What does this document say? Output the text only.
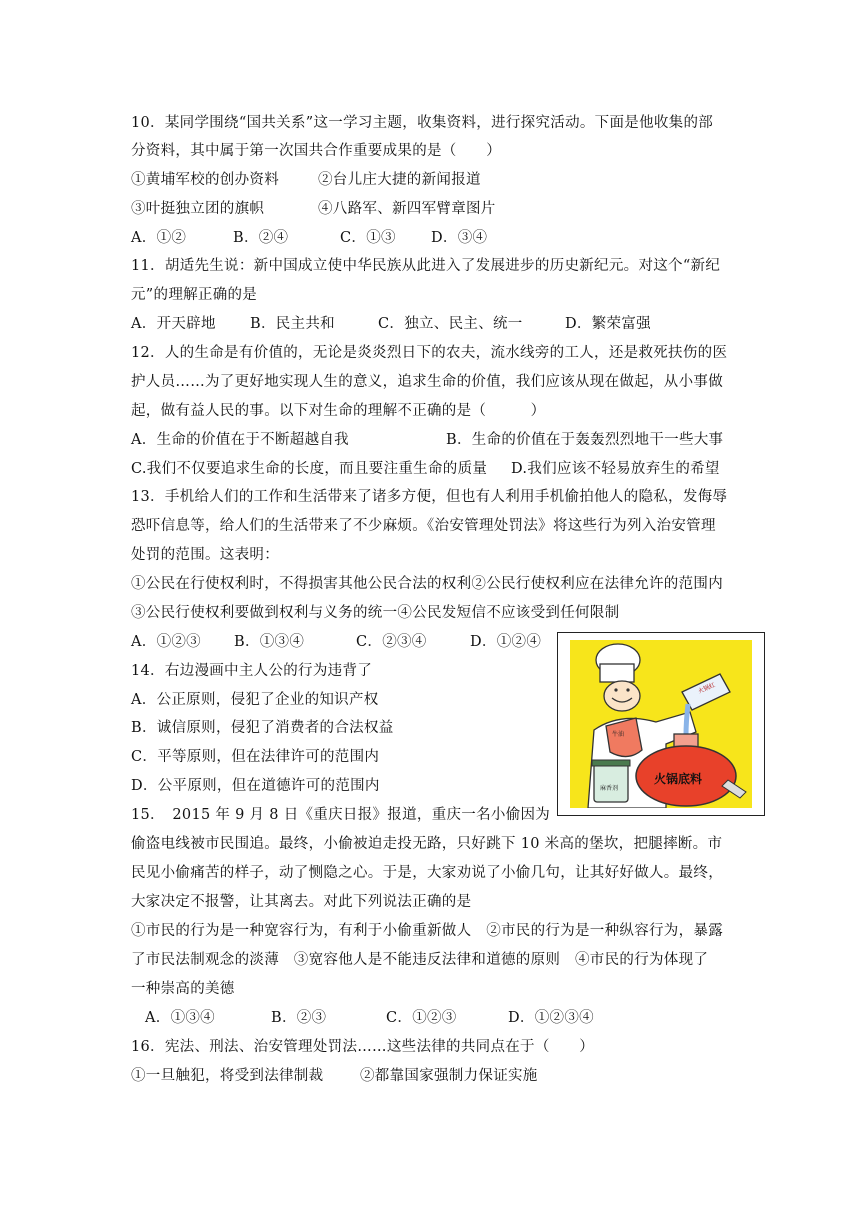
10．某同学围绕“国共关系”这一学习主题，收集资料，进行探究活动。下面是他收集的部
分资料，其中属于第一次国共合作重要成果的是（　　）
①黄埔军校的创办资料	②台儿庄大捷的新闻报道
③叶挺独立团的旗帜	④八路军、新四军臂章图片
A．①②	B．②④	C．①③ D．③④
11．胡适先生说：新中国成立使中华民族从此进入了发展进步的历史新纪元。对这个“新纪
元”的理解正确的是
A．开天辟地 B．民主共和	C．独立、民主、统一	D．繁荣富强
12．人的生命是有价值的，无论是炎炎烈日下的农夫，流水线旁的工人，还是救死扶伤的医
护人员……为了更好地实现人生的意义，追求生命的价值，我们应该从现在做起，从小事做
起，做有益人民的事。以下对生命的理解不正确的是（　　　）
A．生命的价值在于不断超越自我	B．生命的价值在于轰轰烈烈地干一些大事
C.我们不仅要追求生命的长度，而且要注重生命的质量 D.我们应该不轻易放弃生的希望
13．手机给人们的工作和生活带来了诸多方便，但也有人利用手机偷拍他人的隐私，发侮辱
恐吓信息等，给人们的生活带来了不少麻烦。《治安管理处罚法》将这些行为列入治安管理
处罚的范围。这表明：
①公民在行使权利时，不得损害其他公民合法的权利②公民行使权利应在法律允许的范围内
③公民行使权利要做到权利与义务的统一④公民发短信不应该受到任何限制
A．①②③ B．①③④	C．②③④	D．①②④
14．右边漫画中主人公的行为违背了
A．公正原则，侵犯了企业的知识产权
B．诚信原则，侵犯了消费者的合法权益
C．平等原则，但在法律许可的范围内
D．公平原则，但在道德许可的范围内
火锅红
牛油
火锅底料
麻香剂
15．　2015 年 9 月 8 日《重庆日报》报道，重庆一名小偷因为
偷盗电线被市民围追。最终，小偷被迫走投无路，只好跳下 10 米高的堡坎，把腿摔断。市
民见小偷痛苦的样子，动了恻隐之心。于是，大家劝说了小偷几句，让其好好做人。最终，
大家决定不报警，让其离去。对此下列说法正确的是
①市民的行为是一种宽容行为，有利于小偷重新做人　②市民的行为是一种纵容行为，暴露
了市民法制观念的淡薄　③宽容他人是不能违反法律和道德的原则　④市民的行为体现了
一种崇高的美德
A．①③④	B．②③	C．①②③	D．①②③④
16．宪法、刑法、治安管理处罚法……这些法律的共同点在于（　　）
①一旦触犯，将受到法律制裁	②都靠国家强制力保证实施
